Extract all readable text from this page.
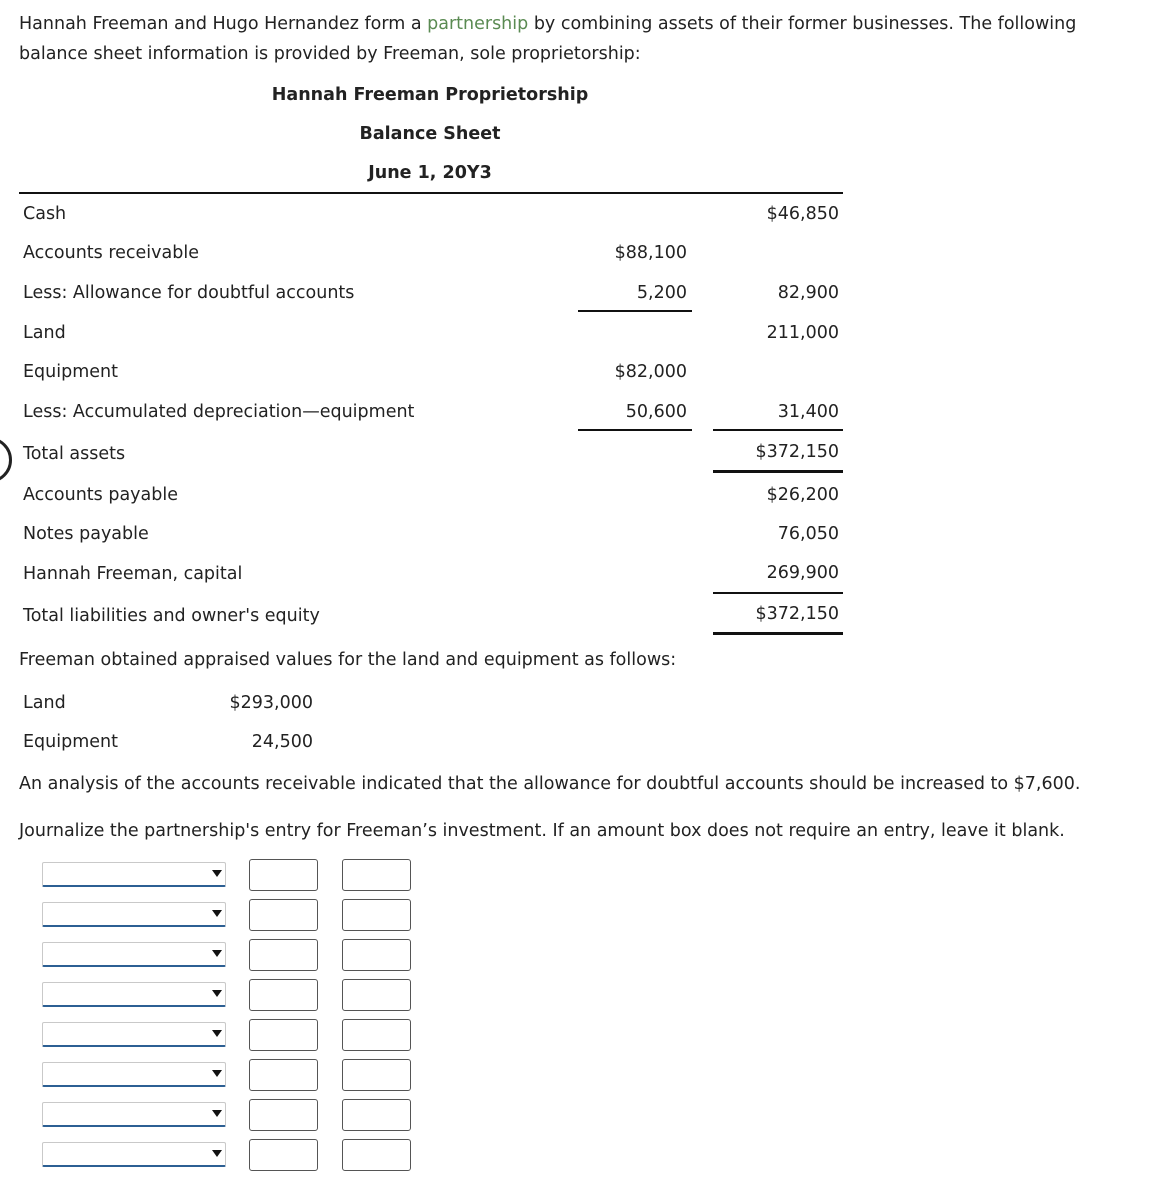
Hannah Freeman and Hugo Hernandez form a partnership by combining assets of their former businesses. The following balance sheet information is provided by Freeman, sole proprietorship:
Hannah Freeman Proprietorship
Balance Sheet
June 1, 20Y3
Cash	$46,850
Accounts receivable	$88,100
Less: Allowance for doubtful accounts	5,200	82,900
Land	211,000
Equipment	$82,000
Less: Accumulated depreciation—equipment	50,600	31,400
Total assets	$372,150
Accounts payable	$26,200
Notes payable	76,050
Hannah Freeman, capital	269,900
Total liabilities and owner's equity	$372,150
Freeman obtained appraised values for the land and equipment as follows:
Land	$293,000
Equipment	24,500
An analysis of the accounts receivable indicated that the allowance for doubtful accounts should be increased to $7,600.
Journalize the partnership's entry for Freeman’s investment. If an amount box does not require an entry, leave it blank.
